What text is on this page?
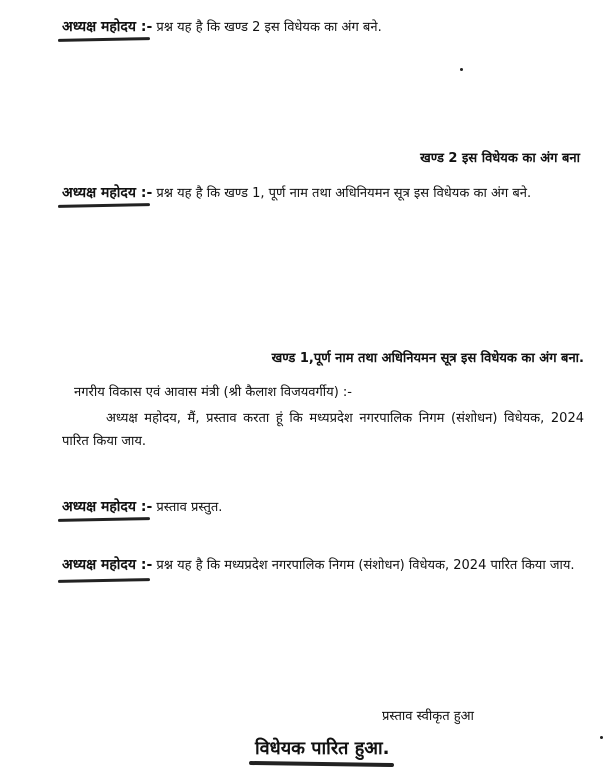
अध्यक्ष महोदय :- प्रश्न यह है कि खण्ड 2 इस विधेयक का अंग बने.
खण्ड 2 इस विधेयक का अंग बना
अध्यक्ष महोदय :- प्रश्न यह है कि खण्ड 1, पूर्ण नाम तथा अधिनियमन सूत्र इस विधेयक का अंग बने.
खण्ड 1,पूर्ण नाम तथा अधिनियमन सूत्र इस विधेयक का अंग बना.
नगरीय विकास एवं आवास मंत्री (श्री कैलाश विजयवर्गीय) :-
अध्यक्ष महोदय, मैं, प्रस्ताव करता हूं कि मध्यप्रदेश नगरपालिक निगम (संशोधन) विधेयक, 2024 पारित किया जाय.
अध्यक्ष महोदय :- प्रस्ताव प्रस्तुत.
अध्यक्ष महोदय :- प्रश्न यह है कि मध्यप्रदेश नगरपालिक निगम (संशोधन) विधेयक, 2024 पारित किया जाय.
प्रस्ताव स्वीकृत हुआ
विधेयक पारित हुआ.
